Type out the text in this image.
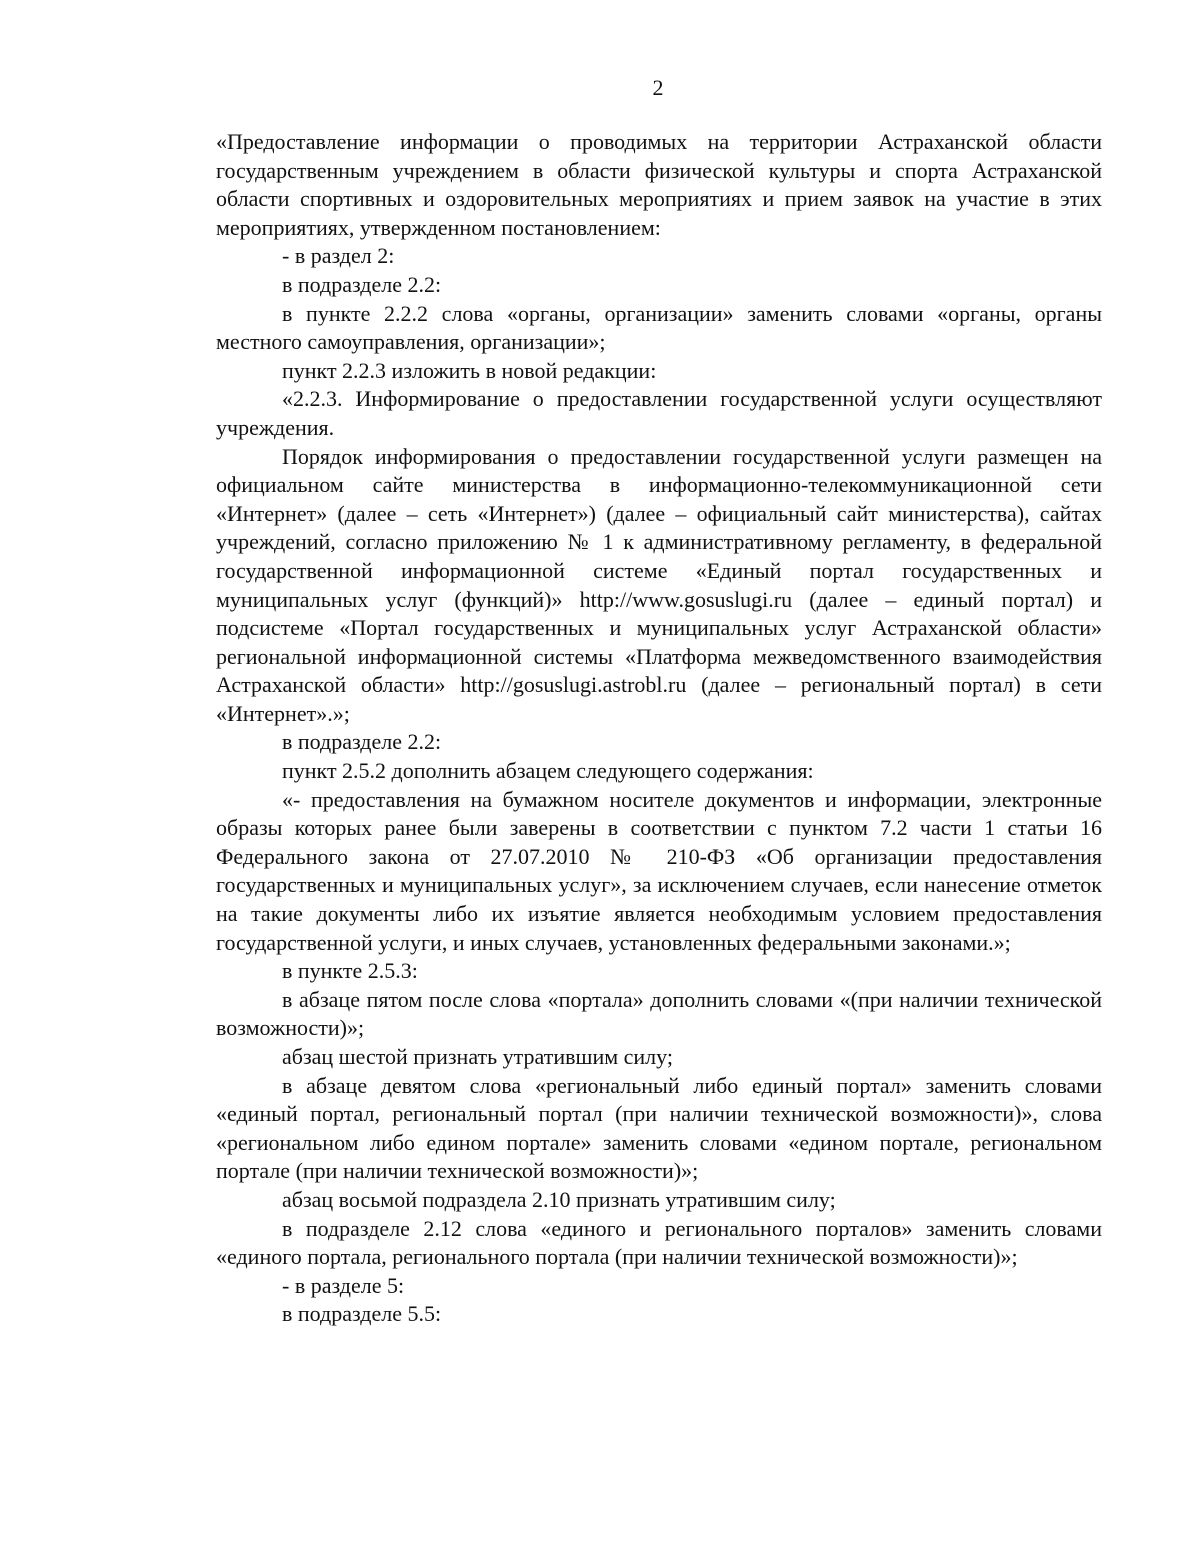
2

«Предоставление информации о проводимых на территории Астраханской области государственным учреждением в области физической культуры и спорта Астраханской области спортивных и оздоровительных мероприятиях и прием заявок на участие в этих мероприятиях, утвержденном постановлением:

- в раздел 2:

в подразделе 2.2:

в пункте 2.2.2 слова «органы, организации» заменить словами «органы, органы местного самоуправления, организации»;

пункт 2.2.3 изложить в новой редакции:

«2.2.3. Информирование о предоставлении государственной услуги осуществляют учреждения.

Порядок информирования о предоставлении государственной услуги размещен на официальном сайте министерства в информационно-телекоммуникационной сети «Интернет» (далее – сеть «Интернет») (далее – официальный сайт министерства), сайтах учреждений, согласно приложению № 1 к административному регламенту, в федеральной государственной информационной системе «Единый портал государственных и муниципальных услуг (функций)» http://www.gosuslugi.ru (далее – единый портал) и подсистеме «Портал государственных и муниципальных услуг Астраханской области» региональной информационной системы «Платформа межведомственного взаимодействия Астраханской области» http://gosuslugi.astrobl.ru (далее – региональный портал) в сети «Интернет».»;

в подразделе 2.2:

пункт 2.5.2 дополнить абзацем следующего содержания:

«- предоставления на бумажном носителе документов и информации, электронные образы которых ранее были заверены в соответствии с пунктом 7.2 части 1 статьи 16 Федерального закона от 27.07.2010 № 210-ФЗ «Об организации предоставления государственных и муниципальных услуг», за исключением случаев, если нанесение отметок на такие документы либо их изъятие является необходимым условием предоставления государственной услуги, и иных случаев, установленных федеральными законами.»;

в пункте 2.5.3:

в абзаце пятом после слова «портала» дополнить словами «(при наличии технической возможности)»;

абзац шестой признать утратившим силу;

в абзаце девятом слова «региональный либо единый портал» заменить словами «единый портал, региональный портал (при наличии технической возможности)», слова «региональном либо едином портале» заменить словами «едином портале, региональном портале (при наличии технической возможности)»;

абзац восьмой подраздела 2.10 признать утратившим силу;

в подразделе 2.12 слова «единого и регионального порталов» заменить словами «единого портала, регионального портала (при наличии технической возможности)»;

- в разделе 5:

в подразделе 5.5:
